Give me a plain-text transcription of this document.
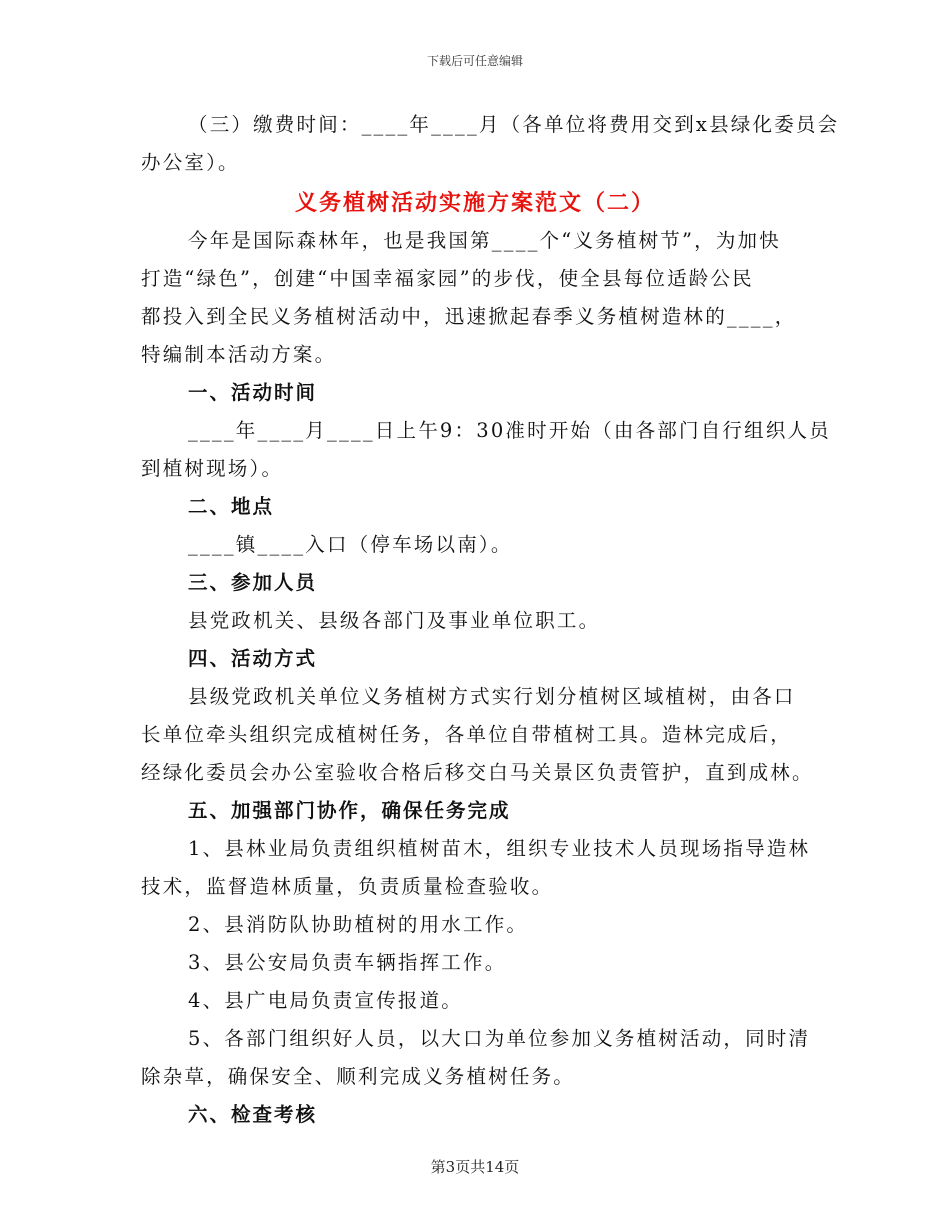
下载后可任意编辑
（三）缴费时间：____年____月（各单位将费用交到x县绿化委员会
办公室）。
义务植树活动实施方案范文（二）
今年是国际森林年，也是我国第____个“义务植树节”，为加快
打造“绿色”，创建“中国幸福家园”的步伐，使全县每位适龄公民
都投入到全民义务植树活动中，迅速掀起春季义务植树造林的____，
特编制本活动方案。
一、活动时间
____年____月____日上午9：30准时开始（由各部门自行组织人员
到植树现场）。
二、地点
____镇____入口（停车场以南）。
三、参加人员
县党政机关、县级各部门及事业单位职工。
四、活动方式
县级党政机关单位义务植树方式实行划分植树区域植树，由各口
长单位牵头组织完成植树任务，各单位自带植树工具。造林完成后，
经绿化委员会办公室验收合格后移交白马关景区负责管护，直到成林。
五、加强部门协作，确保任务完成
1、县林业局负责组织植树苗木，组织专业技术人员现场指导造林
技术，监督造林质量，负责质量检查验收。
2、县消防队协助植树的用水工作。
3、县公安局负责车辆指挥工作。
4、县广电局负责宣传报道。
5、各部门组织好人员，以大口为单位参加义务植树活动，同时清
除杂草，确保安全、顺利完成义务植树任务。
六、检查考核
第3页共14页
